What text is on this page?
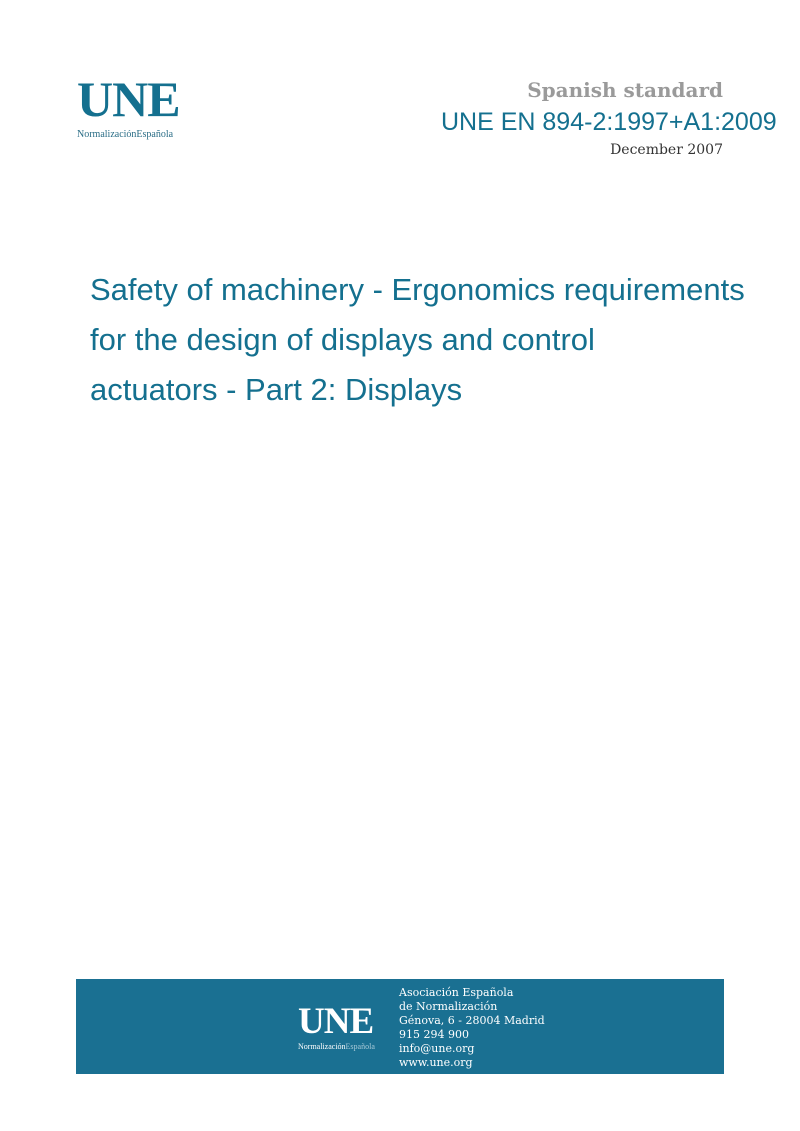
UNE
NormalizaciónEspañola
Spanish standard
UNE EN 894-2:1997+A1:2009
December 2007
Safety of machinery - Ergonomics requirements
for the design of displays and control
actuators - Part 2: Displays
UNE
NormalizaciónEspañola
Asociación Española
de Normalización
Génova, 6 - 28004 Madrid
915 294 900
info@une.org
www.une.org
